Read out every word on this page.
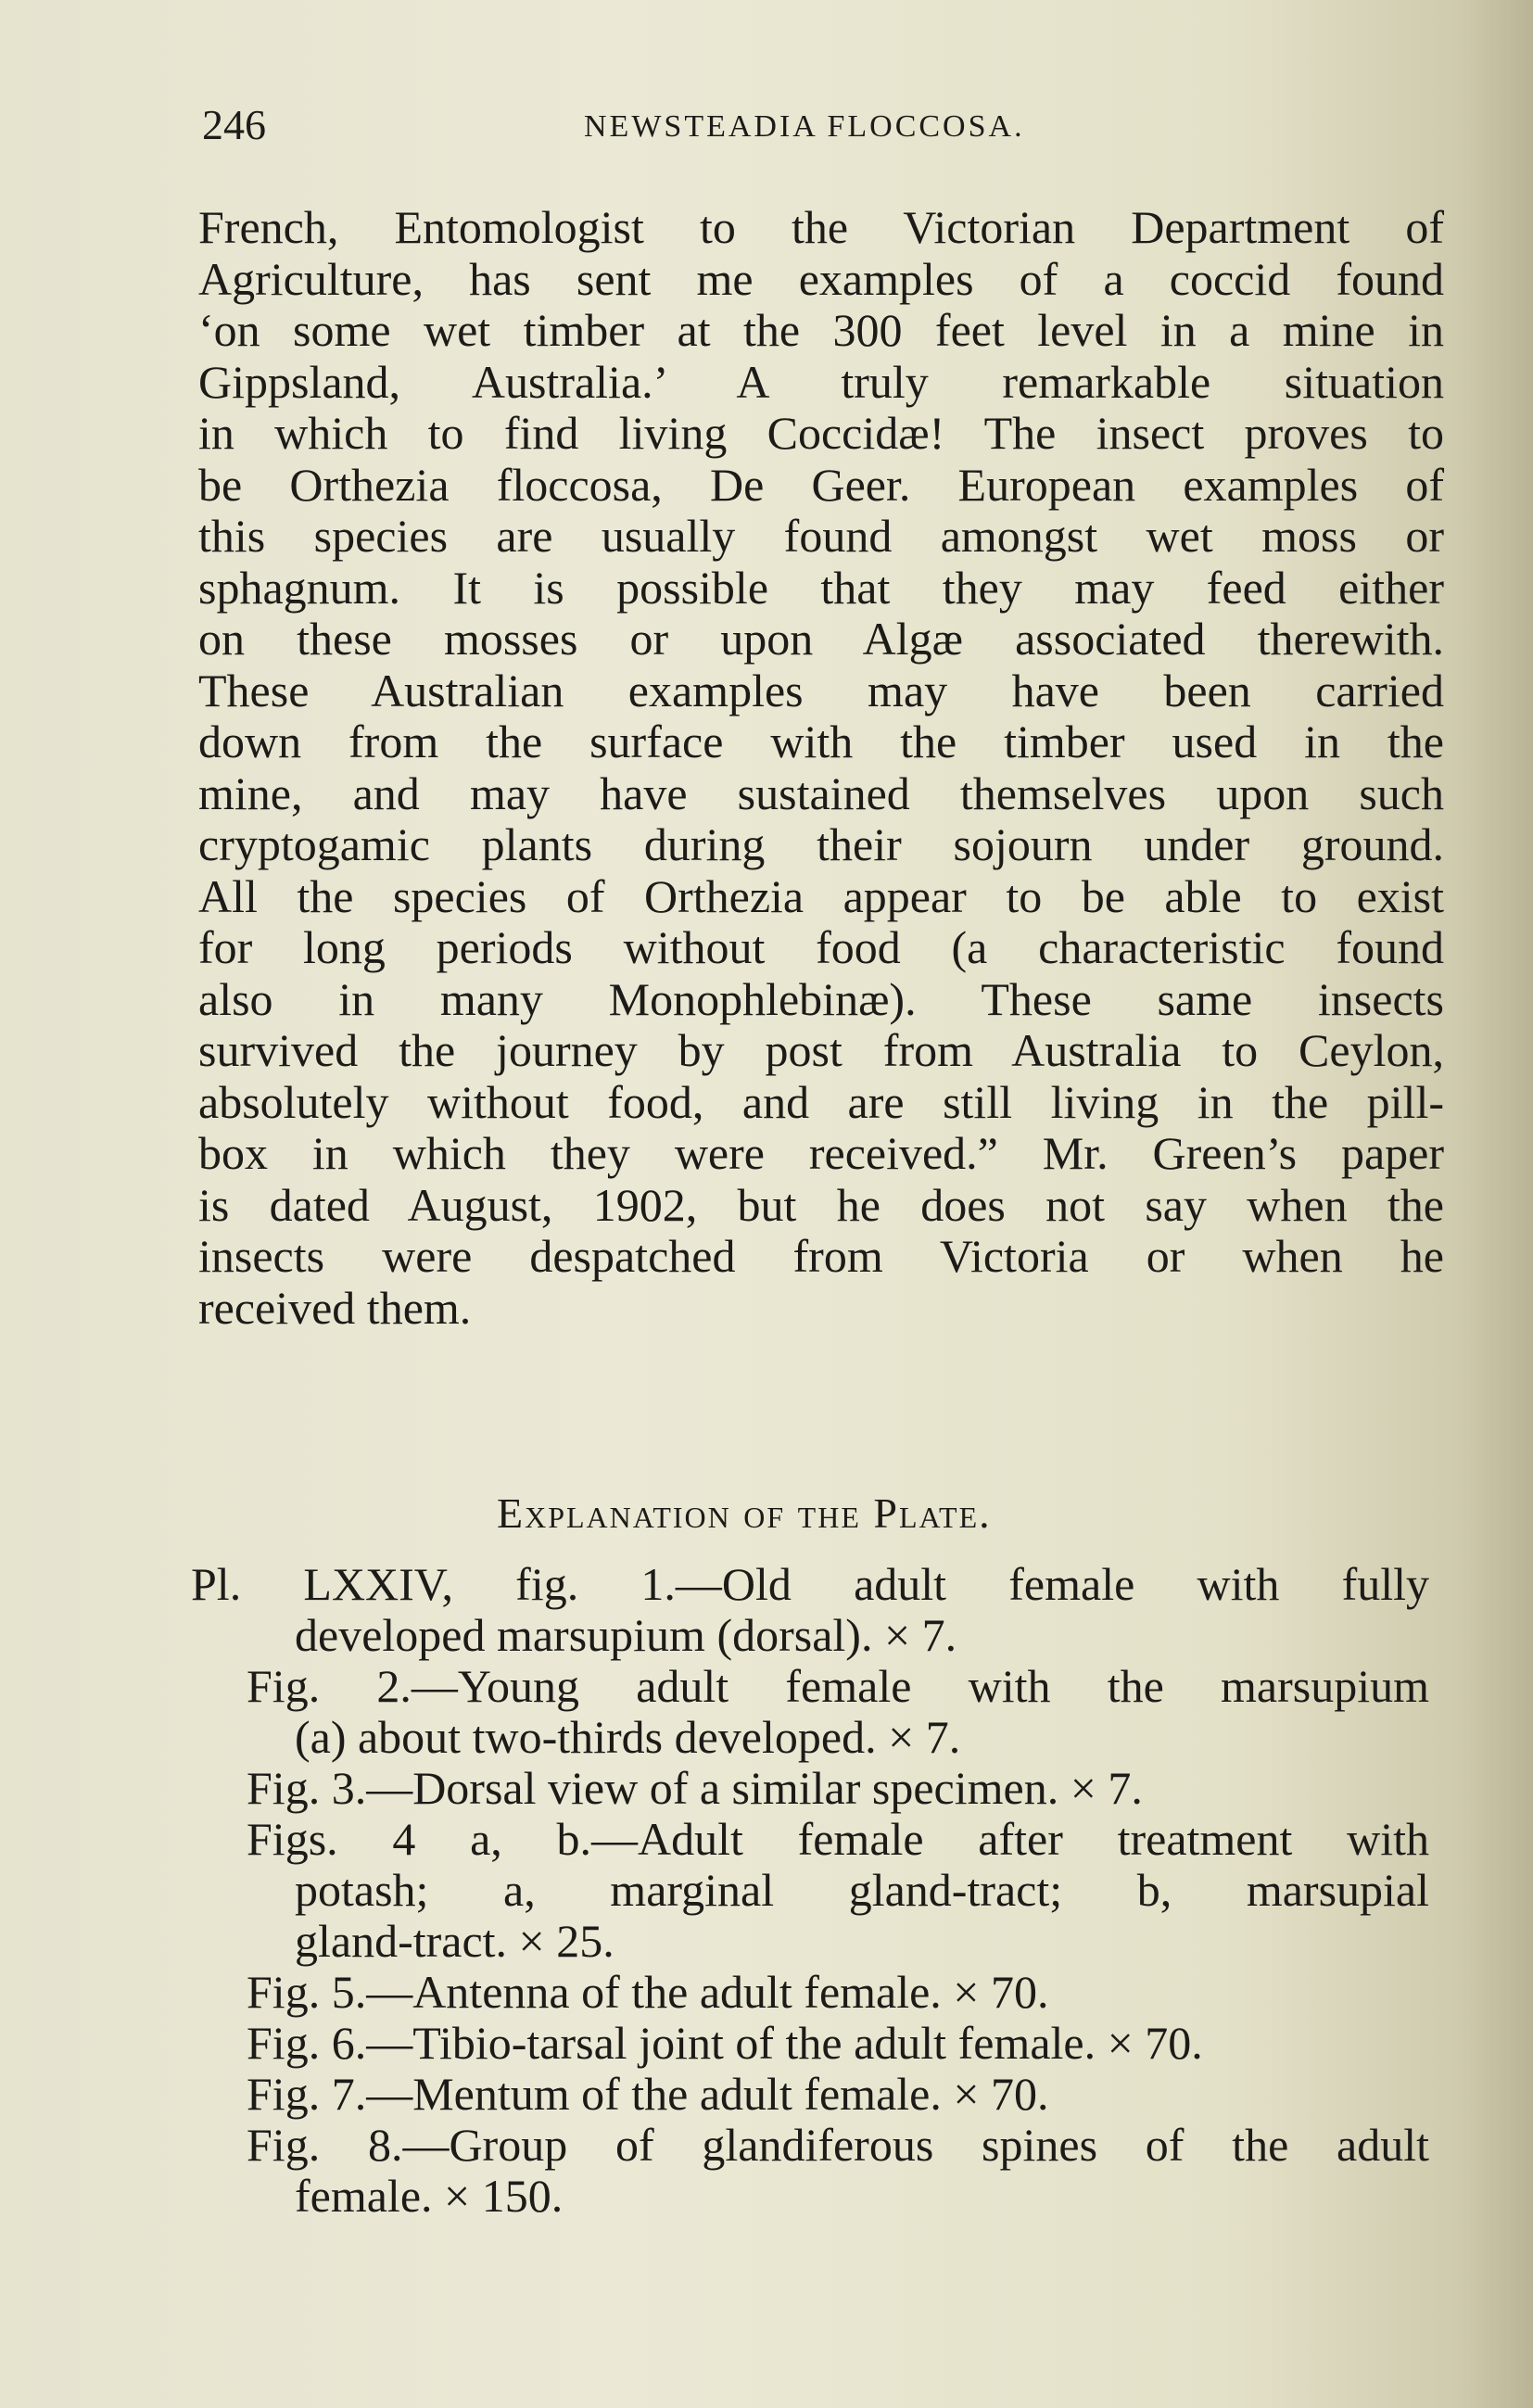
246	NEWSTEADIA FLOCCOSA.
French, Entomologist to the Victorian Department of
Agriculture, has sent me examples of a coccid found
‘on some wet timber at the 300 feet level in a mine in
Gippsland, Australia.’ A truly remarkable situation
in which to find living Coccidæ! The insect proves to
be Orthezia floccosa, De Geer. European examples of
this species are usually found amongst wet moss or
sphagnum. It is possible that they may feed either
on these mosses or upon Algæ associated therewith.
These Australian examples may have been carried
down from the surface with the timber used in the
mine, and may have sustained themselves upon such
cryptogamic plants during their sojourn under ground.
All the species of Orthezia appear to be able to exist
for long periods without food (a characteristic found
also in many Monophlebinæ). These same insects
survived the journey by post from Australia to Ceylon,
absolutely without food, and are still living in the pill-
box in which they were received.” Mr. Green’s paper
is dated August, 1902, but he does not say when the
insects were despatched from Victoria or when he
received them.
Explanation of the Plate.
Pl. LXXIV, fig. 1.—Old adult female with fully
developed marsupium (dorsal). × 7.
Fig. 2.—Young adult female with the marsupium
(a) about two-thirds developed. × 7.
Fig. 3.—Dorsal view of a similar specimen. × 7.
Figs. 4 a, b.—Adult female after treatment with
potash; a, marginal gland-tract; b, marsupial
gland-tract. × 25.
Fig. 5.—Antenna of the adult female. × 70.
Fig. 6.—Tibio-tarsal joint of the adult female. × 70.
Fig. 7.—Mentum of the adult female. × 70.
Fig. 8.—Group of glandiferous spines of the adult
female. × 150.
